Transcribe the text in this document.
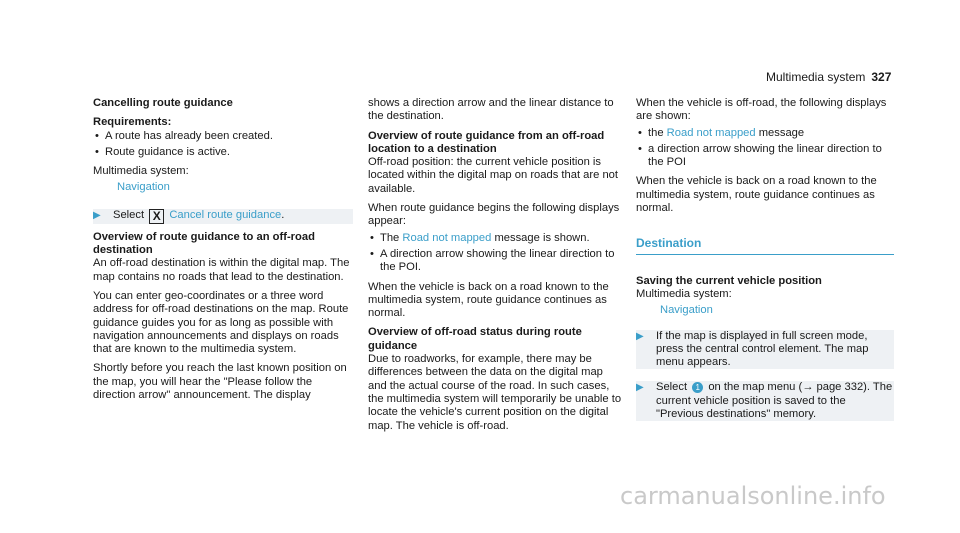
Multimedia system 327

Cancelling route guidance

Requirements:

• A route has already been created.
• Route guidance is active.

Multimedia system:

Navigation

▶	Select X Cancel route guidance.

Overview of route guidance to an off-road destination

An off-road destination is within the digital map. The map contains no roads that lead to the destination.

You can enter geo-coordinates or a three word address for off-road destinations on the map. Route guidance guides you for as long as possible with navigation announcements and displays on roads that are known to the multimedia system.

Shortly before you reach the last known position on the map, you will hear the "Please follow the direction arrow" announcement. The display

shows a direction arrow and the linear distance to the destination.

Overview of route guidance from an off-road location to a destination

Off-road position: the current vehicle position is located within the digital map on roads that are not available.

When route guidance begins the following displays appear:

• The Road not mapped message is shown.
• A direction arrow showing the linear direction to the POI.

When the vehicle is back on a road known to the multimedia system, route guidance continues as normal.

Overview of off-road status during route guidance

Due to roadworks, for example, there may be differences between the data on the digital map and the actual course of the road. In such cases, the multimedia system will temporarily be unable to locate the vehicle's current position on the digital map. The vehicle is off-road.

When the vehicle is off-road, the following displays are shown:

• the Road not mapped message
• a direction arrow showing the linear direction to the POI

When the vehicle is back on a road known to the multimedia system, route guidance continues as normal.

Destination

Saving the current vehicle position

Multimedia system:

Navigation

▶	If the map is displayed in full screen mode, press the central control element. The map menu appears.
▶	Select 1 on the map menu (→ page 332). The current vehicle position is saved to the "Previous destinations" memory.
carmanualsonline.info
